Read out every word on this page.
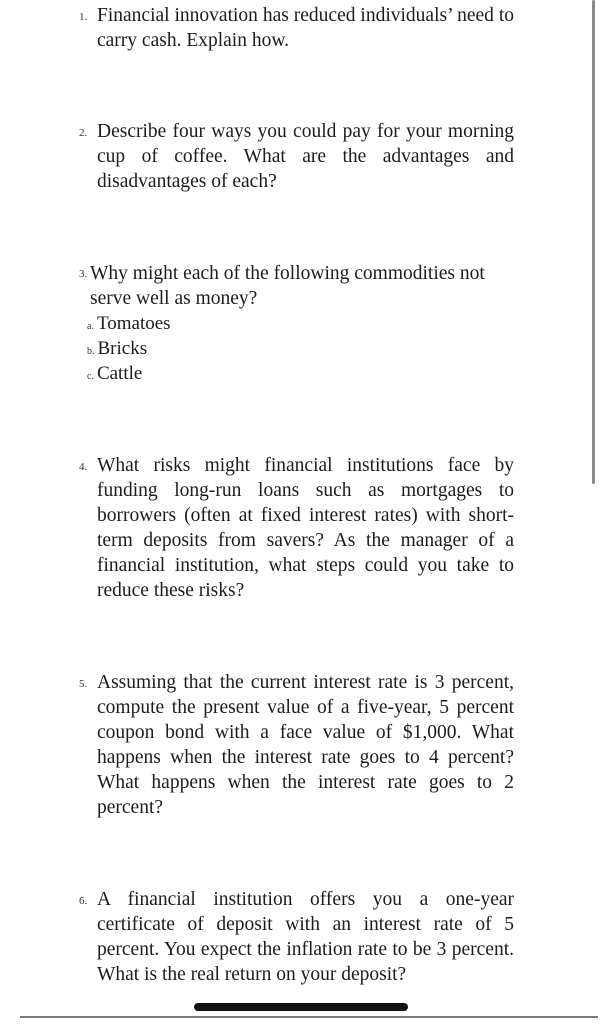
1. Financial innovation has reduced individuals’ need to carry cash. Explain how.
2. Describe four ways you could pay for your morning cup of coffee. What are the advantages and disadvantages of each?
3. Why might each of the following commodities not serve well as money?
a. Tomatoes
b. Bricks
c. Cattle
4. What risks might financial institutions face by funding long-run loans such as mortgages to borrowers (often at fixed interest rates) with short-term deposits from savers? As the manager of a financial institution, what steps could you take to reduce these risks?
5. Assuming that the current interest rate is 3 percent, compute the present value of a five-year, 5 percent coupon bond with a face value of $1,000. What happens when the interest rate goes to 4 percent? What happens when the interest rate goes to 2 percent?
6. A financial institution offers you a one-year certificate of deposit with an interest rate of 5 percent. You expect the inflation rate to be 3 percent. What is the real return on your deposit?
